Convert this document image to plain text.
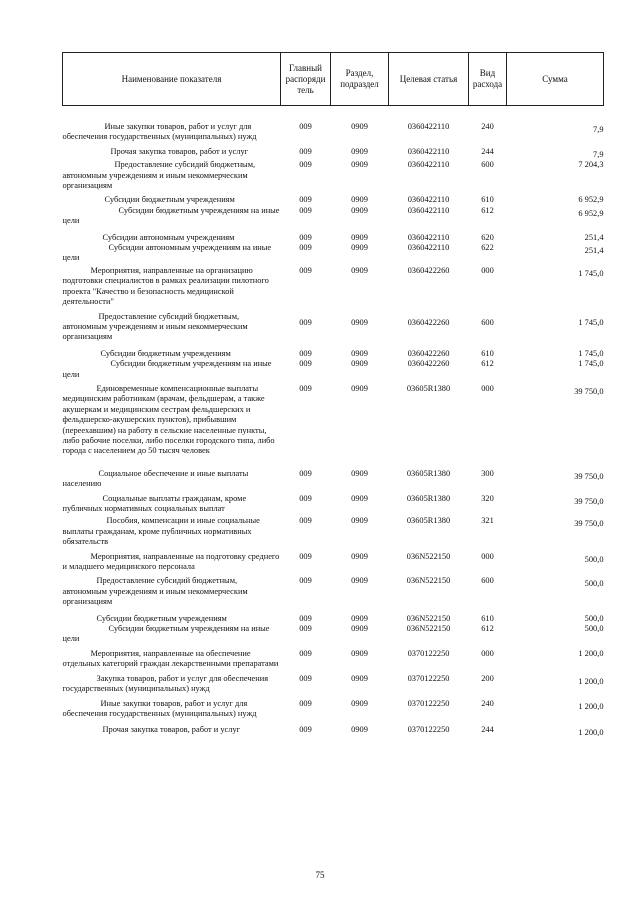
Наименование показателя	Главный распоряди тель	Раздел, подраздел	Целевая статья	Вид расхода	Сумма
Иные закупки товаров, работ и услуг для обеспечения государственных (муниципальных) нужд	009	0909	0360422110	240	7,9
Прочая закупка товаров, работ и услуг	009	0909	0360422110	244	7,9
Предоставление субсидий бюджетным, автономным учреждениям и иным некоммерческим организациям	009	0909	0360422110	600	7 204,3
Субсидии бюджетным учреждениям	009	0909	0360422110	610	6 952,9
Субсидии бюджетным учреждениям на иные цели	009	0909	0360422110	612	6 952,9
Субсидии автономным учреждениям	009	0909	0360422110	620	251,4
Субсидии автономным учреждениям на иные цели	009	0909	0360422110	622	251,4
Мероприятия, направленные на организацию подготовки специалистов в рамках реализации пилотного проекта "Качество и безопасность медицинской деятельности"	009	0909	0360422260	000	1 745,0
Предоставление субсидий бюджетным, автономным учреждениям и иным некоммерческим организациям	009	0909	0360422260	600	1 745,0
Субсидии бюджетным учреждениям	009	0909	0360422260	610	1 745,0
Субсидии бюджетным учреждениям на иные цели	009	0909	0360422260	612	1 745,0
Единовременные компенсационные выплаты медицинским работникам (врачам, фельдшерам, а также акушеркам и медицинским сестрам фельдшерских и фельдшерско-акушерских пунктов), прибывшим (переехавшим) на работу в сельские населенные пункты, либо рабочие поселки, либо поселки городского типа, либо города с населением до 50 тысяч человек	009	0909	03605R1380	000	39 750,0
Социальное обеспечение и иные выплаты населению	009	0909	03605R1380	300	39 750,0
Социальные выплаты гражданам, кроме публичных нормативных социальных выплат	009	0909	03605R1380	320	39 750,0
Пособия, компенсации и иные социальные выплаты гражданам, кроме публичных нормативных обязательств	009	0909	03605R1380	321	39 750,0
Мероприятия, направленные на подготовку среднего и младшего медицинского персонала	009	0909	036N522150	000	500,0
Предоставление субсидий бюджетным, автономным учреждениям и иным некоммерческим организациям	009	0909	036N522150	600	500,0
Субсидии бюджетным учреждениям	009	0909	036N522150	610	500,0
Субсидии бюджетным учреждениям на иные цели	009	0909	036N522150	612	500,0
Мероприятия, направленные на обеспечение отдельных категорий граждан лекарственными препаратами	009	0909	0370122250	000	1 200,0
Закупка товаров, работ и услуг для обеспечения государственных (муниципальных) нужд	009	0909	0370122250	200	1 200,0
Иные закупки товаров, работ и услуг для обеспечения государственных (муниципальных) нужд	009	0909	0370122250	240	1 200,0
Прочая закупка товаров, работ и услуг	009	0909	0370122250	244	1 200,0
75
